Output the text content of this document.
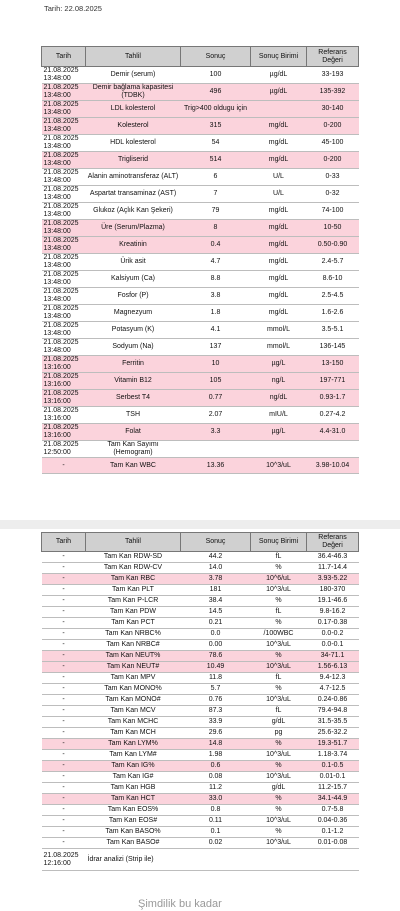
Tarih: 22.08.2025
Tarih	Tahlil	Sonuç	Sonuç Birimi	Referans Değeri
21.08.2025 13:48:00	Demir (serum)	100	µg/dL	33-193
21.08.2025 13:48:00	Demir bağlama kapasitesi (TDBK)	496	µg/dL	135-392
21.08.2025 13:48:00	LDL kolesterol	Trig>400 oldugu için		30-140
21.08.2025 13:48:00	Kolesterol	315	mg/dL	0-200
21.08.2025 13:48:00	HDL kolesterol	54	mg/dL	45-100
21.08.2025 13:48:00	Trigliserid	514	mg/dL	0-200
21.08.2025 13:48:00	Alanin aminotransferaz (ALT)	6	U/L	0-33
21.08.2025 13:48:00	Aspartat transaminaz (AST)	7	U/L	0-32
21.08.2025 13:48:00	Glukoz (Açlık Kan Şekeri)	79	mg/dL	74-100
21.08.2025 13:48:00	Üre (Serum/Plazma)	8	mg/dL	10-50
21.08.2025 13:48:00	Kreatinin	0.4	mg/dL	0.50-0.90
21.08.2025 13:48:00	Ürik asit	4.7	mg/dL	2.4-5.7
21.08.2025 13:48:00	Kalsiyum (Ca)	8.8	mg/dL	8.6-10
21.08.2025 13:48:00	Fosfor (P)	3.8	mg/dL	2.5-4.5
21.08.2025 13:48:00	Magnezyum	1.8	mg/dL	1.6-2.6
21.08.2025 13:48:00	Potasyum (K)	4.1	mmol/L	3.5-5.1
21.08.2025 13:48:00	Sodyum (Na)	137	mmol/L	136-145
21.08.2025 13:16:00	Ferritin	10	µg/L	13-150
21.08.2025 13:16:00	Vitamin B12	105	ng/L	197-771
21.08.2025 13:16:00	Serbest T4	0.77	ng/dL	0.93-1.7
21.08.2025 13:16:00	TSH	2.07	mIU/L	0.27-4.2
21.08.2025 13:16:00	Folat	3.3	µg/L	4.4-31.0
21.08.2025 12:50:00	Tam Kan Sayımı (Hemogram)			
-	Tam Kan WBC	13.36	10^3/uL	3.98-10.04
Tarih	Tahlil	Sonuç	Sonuç Birimi	Referans Değeri
-	Tam Kan RDW-SD	44.2	fL	36.4-46.3
-	Tam Kan RDW-CV	14.0	%	11.7-14.4
-	Tam Kan RBC	3.78	10^6/uL	3.93-5.22
-	Tam Kan PLT	181	10^3/uL	180-370
-	Tam Kan P-LCR	38.4	%	19.1-46.6
-	Tam Kan PDW	14.5	fL	9.8-16.2
-	Tam Kan PCT	0.21	%	0.17-0.38
-	Tam Kan NRBC%	0.0	/100WBC	0.0-0.2
-	Tam Kan NRBC#	0.00	10^3/uL	0.0-0.1
-	Tam Kan NEUT%	78.6	%	34-71.1
-	Tam Kan NEUT#	10.49	10^3/uL	1.56-6.13
-	Tam Kan MPV	11.8	fL	9.4-12.3
-	Tam Kan MONO%	5.7	%	4.7-12.5
-	Tam Kan MONO#	0.76	10^3/uL	0.24-0.86
-	Tam Kan MCV	87.3	fL	79.4-94.8
-	Tam Kan MCHC	33.9	g/dL	31.5-35.5
-	Tam Kan MCH	29.6	pg	25.6-32.2
-	Tam Kan LYM%	14.8	%	19.3-51.7
-	Tam Kan LYM#	1.98	10^3/uL	1.18-3.74
-	Tam Kan IG%	0.6	%	0.1-0.5
-	Tam Kan IG#	0.08	10^3/uL	0.01-0.1
-	Tam Kan HGB	11.2	g/dL	11.2-15.7
-	Tam Kan HCT	33.0	%	34.1-44.9
-	Tam Kan EOS%	0.8	%	0.7-5.8
-	Tam Kan EOS#	0.11	10^3/uL	0.04-0.36
-	Tam Kan BASO%	0.1	%	0.1-1.2
-	Tam Kan BASO#	0.02	10^3/uL	0.01-0.08
21.08.2025 12:16:00	İdrar analizi (Strip ile)			
Şimdilik bu kadar
